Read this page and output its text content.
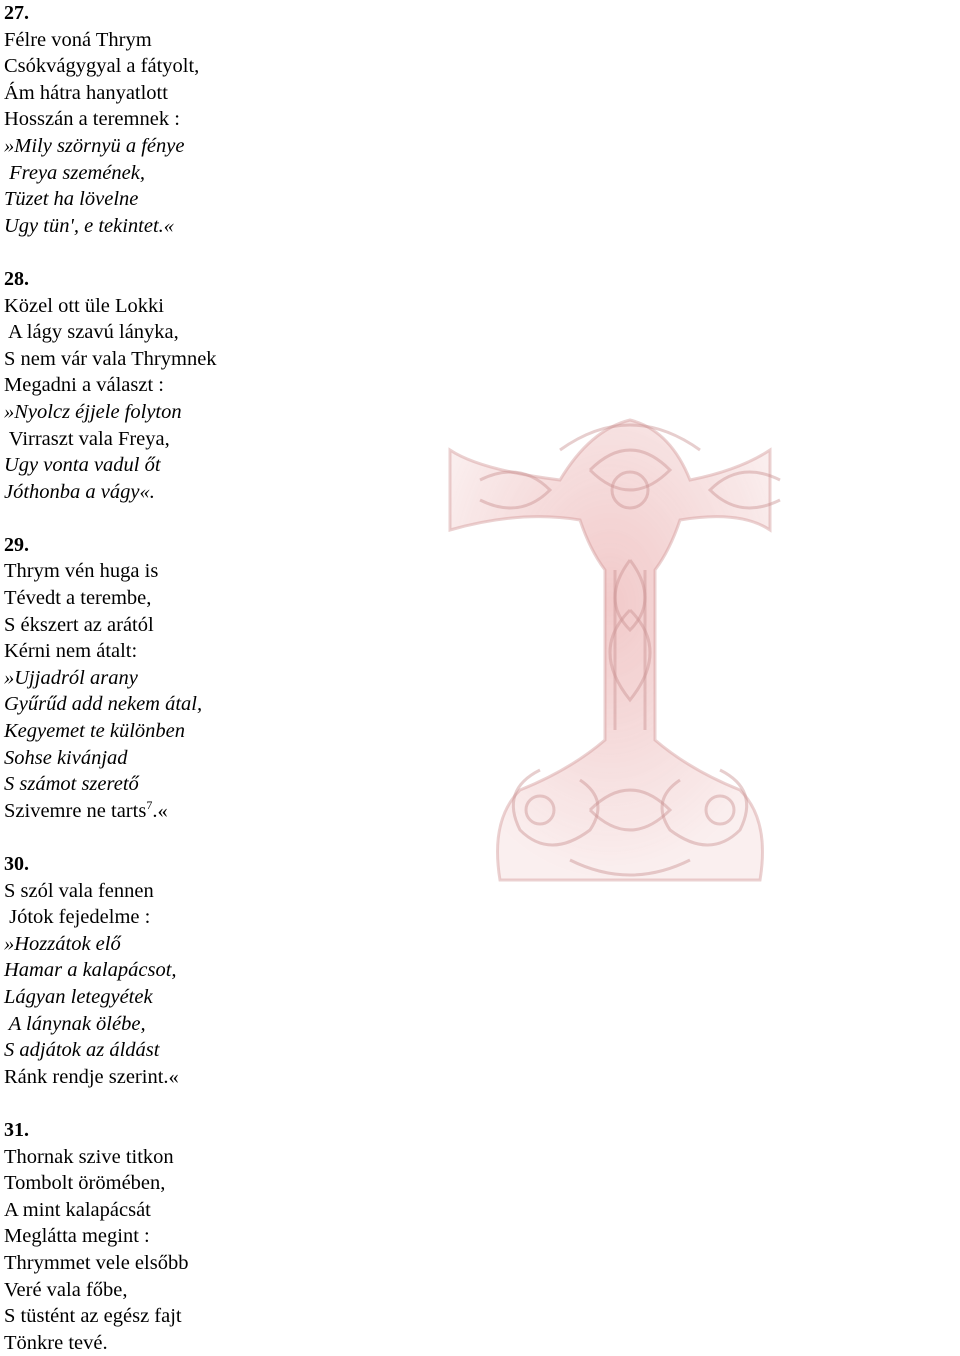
27.
Félre voná Thrym
Csókvágygyal a fátyolt,
Ám hátra hanyatlott
Hosszán a teremnek :
»Mily szörnyü a fénye
Freya szemének,
Tüzet ha lövelne
Ugy tün', e tekintet.«
28.
Közel ott üle Lokki
A lágy szavú lányka,
S nem vár vala Thrymnek
Megadni a választ :
»Nyolcz éjjele folyton
Virraszt vala Freya,
Ugy vonta vadul őt
Jóthonba a vágy«.
29.
Thrym vén huga is
Tévedt a terembe,
S ékszert az arától
Kérni nem átalt:
»Ujjadról arany
Gyűrűd add nekem átal,
Kegyemet te különben
Sohse kivánjad
S számot szerető
Szivemre ne tarts$^7$.«
30.
S szól vala fennen
Jótok fejedelme :
»Hozzátok elő
Hamar a kalapácsot,
Lágyan letegyétek
A lánynak ölébe,
S adjátok az áldást
Ránk rendje szerint.«
31.
Thornak szive titkon
Tombolt örömében,
A mint kalapácsát
Meglátta megint :
Thrymmet vele elsőbb
Veré vala főbe,
S tüstént az egész fajt
Tönkre tevé.
